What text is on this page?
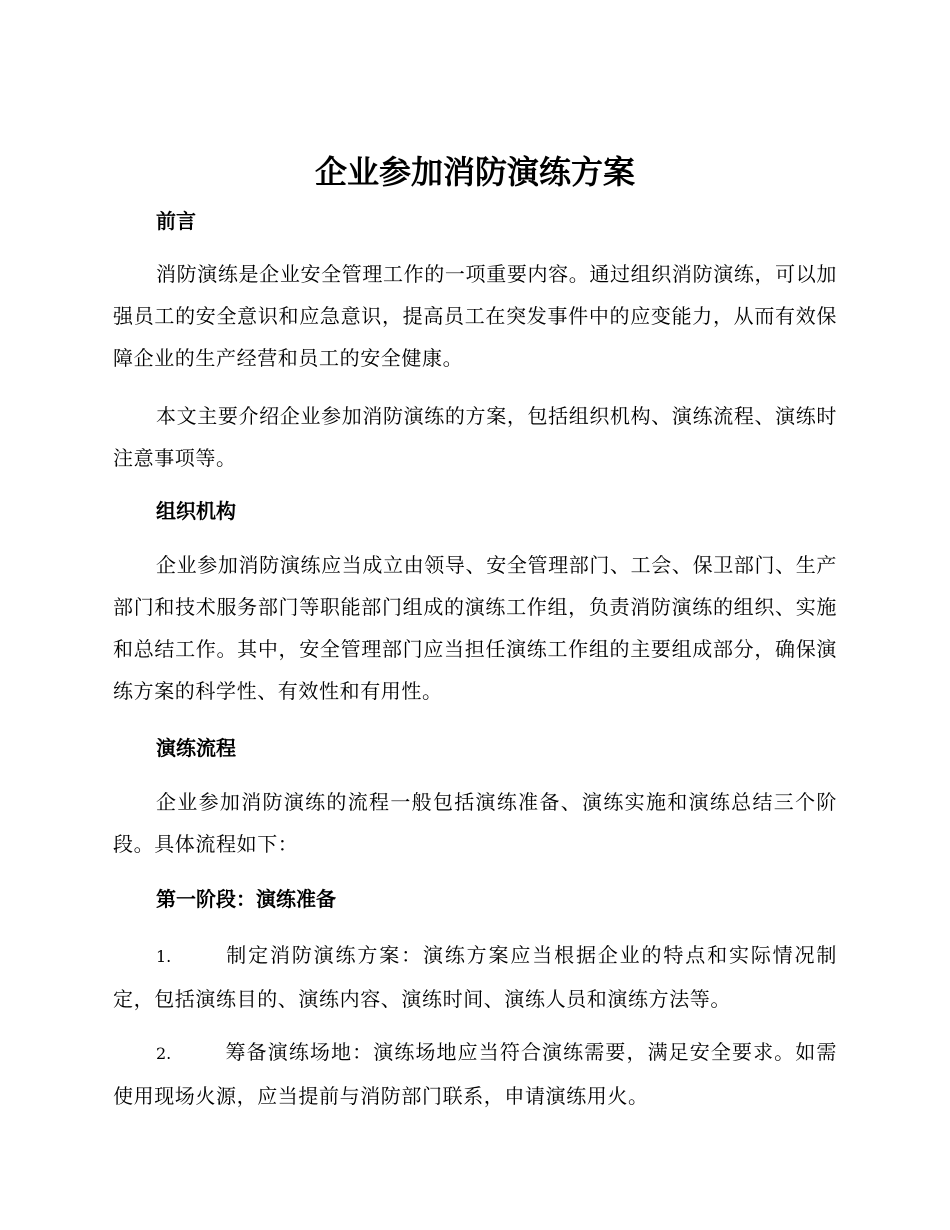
企业参加消防演练方案
前言
消防演练是企业安全管理工作的一项重要内容。通过组织消防演练，可以加强员工的安全意识和应急意识，提高员工在突发事件中的应变能力，从而有效保障企业的生产经营和员工的安全健康。
本文主要介绍企业参加消防演练的方案，包括组织机构、演练流程、演练时注意事项等。
组织机构
企业参加消防演练应当成立由领导、安全管理部门、工会、保卫部门、生产部门和技术服务部门等职能部门组成的演练工作组，负责消防演练的组织、实施和总结工作。其中，安全管理部门应当担任演练工作组的主要组成部分，确保演练方案的科学性、有效性和有用性。
演练流程
企业参加消防演练的流程一般包括演练准备、演练实施和演练总结三个阶段。具体流程如下：
第一阶段：演练准备
1.	制定消防演练方案：演练方案应当根据企业的特点和实际情况制定，包括演练目的、演练内容、演练时间、演练人员和演练方法等。
2.	筹备演练场地：演练场地应当符合演练需要，满足安全要求。如需使用现场火源，应当提前与消防部门联系，申请演练用火。
